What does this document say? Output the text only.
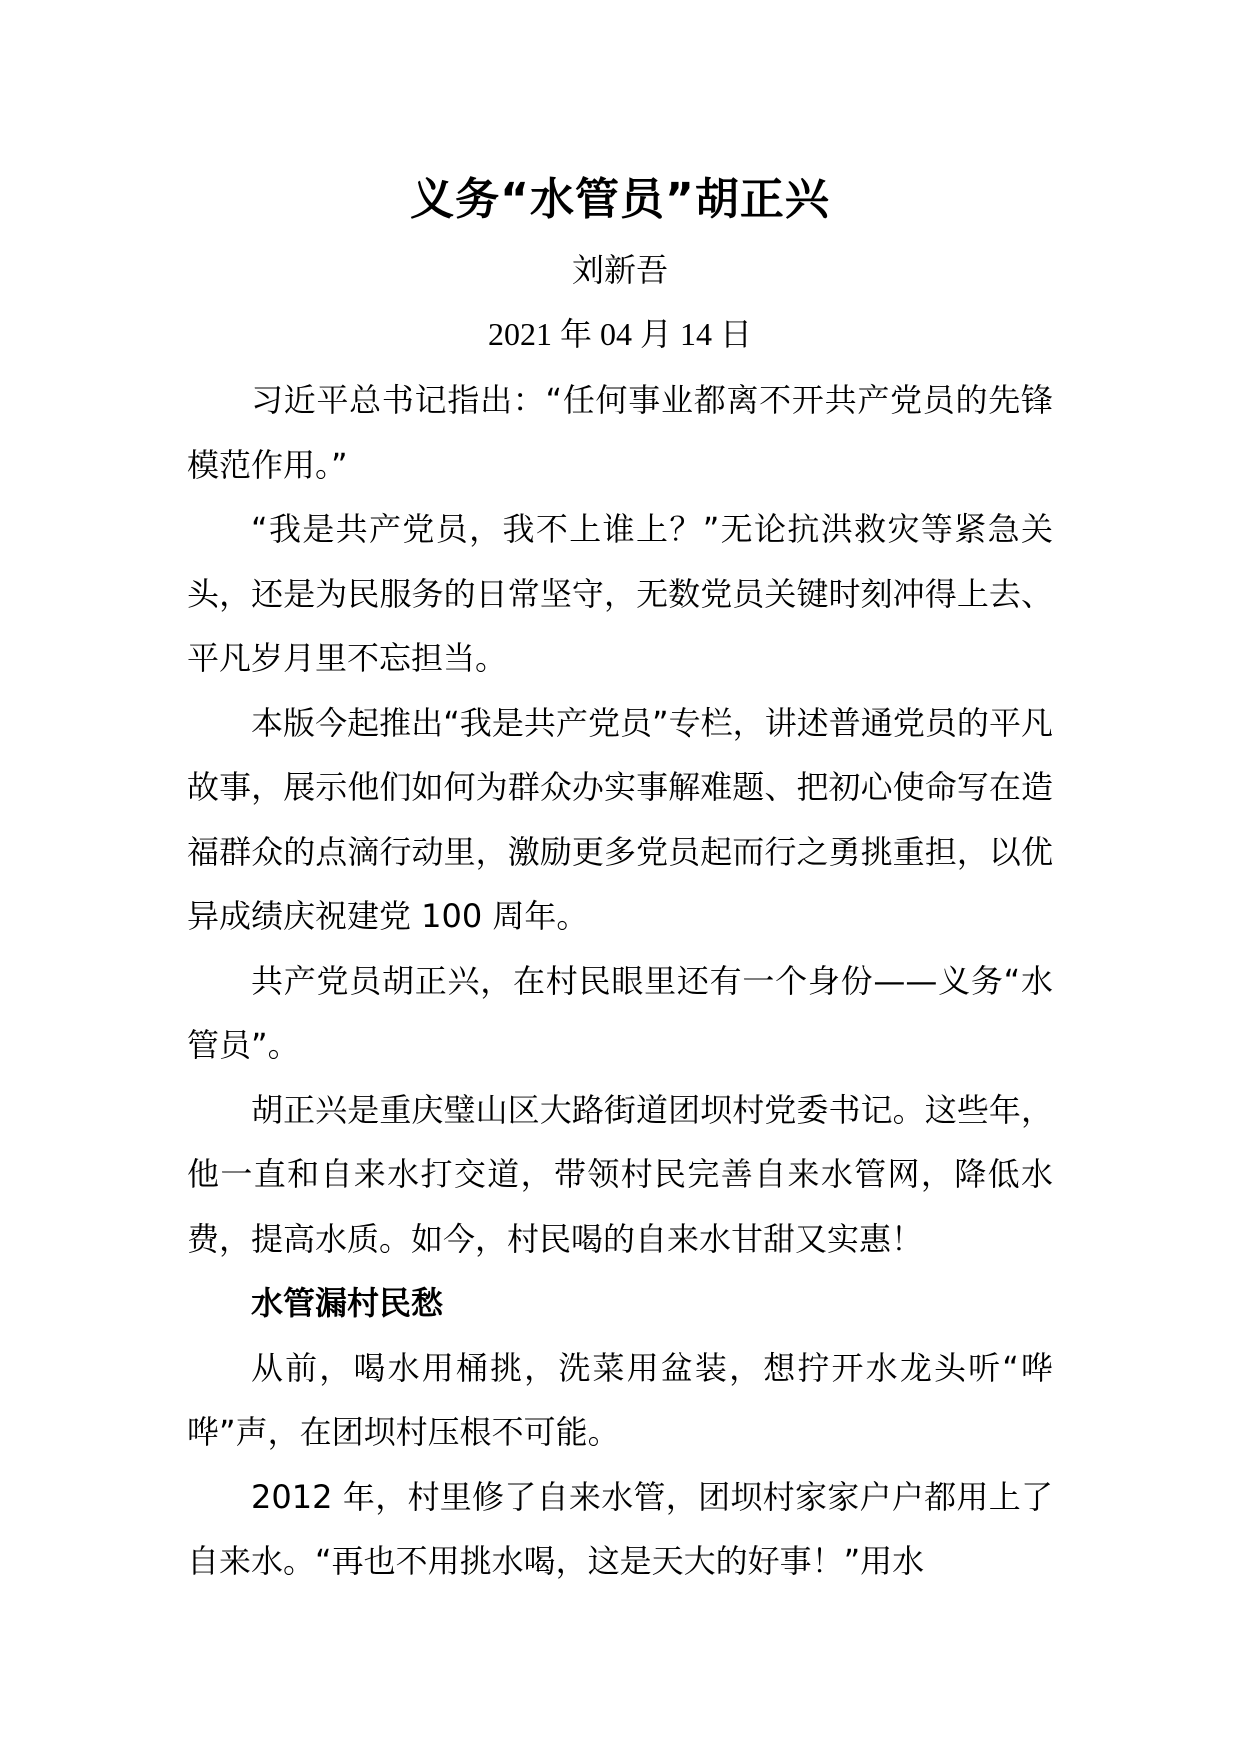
义务“水管员”胡正兴
刘新吾
2021 年 04 月 14 日

习近平总书记指出：“任何事业都离不开共产党员的先锋模范作用。”

“我是共产党员，我不上谁上？”无论抗洪救灾等紧急关头，还是为民服务的日常坚守，无数党员关键时刻冲得上去、平凡岁月里不忘担当。

本版今起推出“我是共产党员”专栏，讲述普通党员的平凡故事，展示他们如何为群众办实事解难题、把初心使命写在造福群众的点滴行动里，激励更多党员起而行之勇挑重担，以优异成绩庆祝建党 100 周年。

共产党员胡正兴，在村民眼里还有一个身份——义务“水管员”。

胡正兴是重庆璧山区大路街道团坝村党委书记。这些年，他一直和自来水打交道，带领村民完善自来水管网，降低水费，提高水质。如今，村民喝的自来水甘甜又实惠！

水管漏村民愁

从前，喝水用桶挑，洗菜用盆装，想拧开水龙头听“哗哗”声，在团坝村压根不可能。

2012 年，村里修了自来水管，团坝村家家户户都用上了自来水。“再也不用挑水喝，这是天大的好事！”用水
